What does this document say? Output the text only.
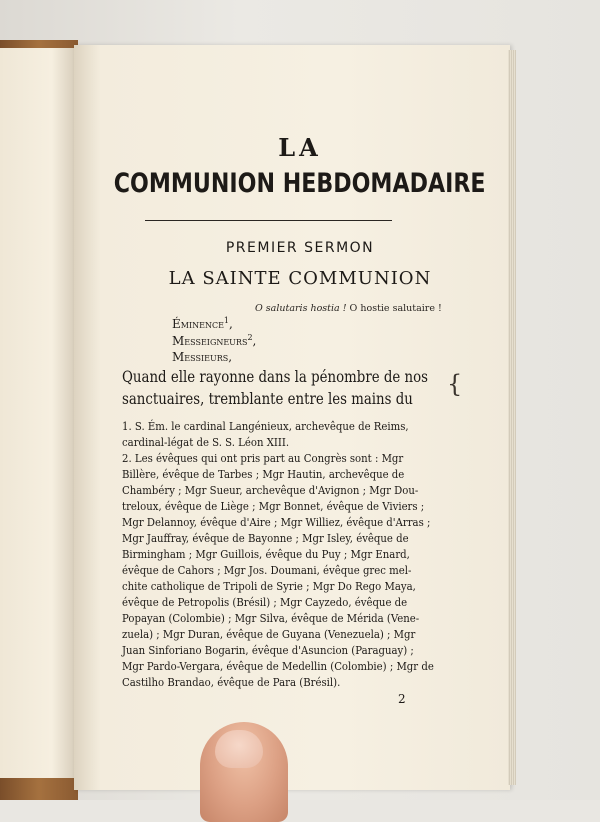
LA
COMMUNION HEBDOMADAIRE
PREMIER SERMON
LA SAINTE COMMUNION
O salutaris hostia ! O hostie salutaire !
Éminence$^1$,
Messeigneurs$^2$,
Messieurs,
Quand elle rayonne dans la pénombre de nos
sanctuaires, tremblante entre les mains du
{
1. S. Ém. le cardinal Langénieux, archevêque de Reims,
cardinal-légat de S. S. Léon XIII.
2. Les évêques qui ont pris part au Congrès sont : Mgr
Billère, évêque de Tarbes ; Mgr Hautin, archevêque de
Chambéry ; Mgr Sueur, archevêque d'Avignon ; Mgr Dou-
treloux, évêque de Liège ; Mgr Bonnet, évêque de Viviers ;
Mgr Delannoy, évêque d'Aire ; Mgr Williez, évêque d'Arras ;
Mgr Jauffray, évêque de Bayonne ; Mgr Isley, évêque de
Birmingham ; Mgr Guillois, évêque du Puy ; Mgr Enard,
évêque de Cahors ; Mgr Jos. Doumani, évêque grec mel-
chite catholique de Tripoli de Syrie ; Mgr Do Rego Maya,
évêque de Petropolis (Brésil) ; Mgr Cayzedo, évêque de
Popayan (Colombie) ; Mgr Silva, évêque de Mérida (Vene-
zuela) ; Mgr Duran, évêque de Guyana (Venezuela) ; Mgr
Juan Sinforiano Bogarin, évêque d'Asuncion (Paraguay) ;
Mgr Pardo-Vergara, évêque de Medellin (Colombie) ; Mgr de
Castilho Brandao, évêque de Para (Brésil).
2
